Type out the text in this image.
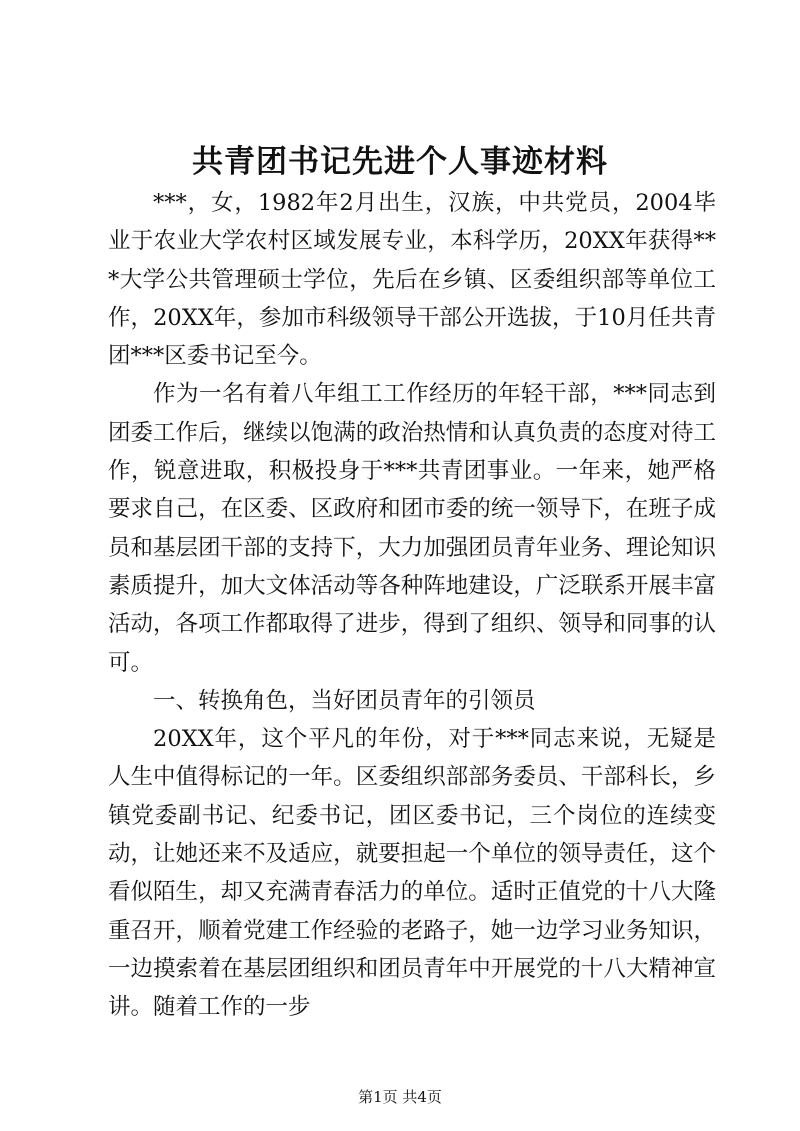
共青团书记先进个人事迹材料

***，女，1982年2月出生，汉族，中共党员，2004毕业于农业大学农村区域发展专业，本科学历，20XX年获得***大学公共管理硕士学位，先后在乡镇、区委组织部等单位工作，20XX年，参加市科级领导干部公开选拔，于10月任共青团***区委书记至今。

作为一名有着八年组工工作经历的年轻干部，***同志到团委工作后，继续以饱满的政治热情和认真负责的态度对待工作，锐意进取，积极投身于***共青团事业。一年来，她严格要求自己，在区委、区政府和团市委的统一领导下，在班子成员和基层团干部的支持下，大力加强团员青年业务、理论知识素质提升，加大文体活动等各种阵地建设，广泛联系开展丰富活动，各项工作都取得了进步，得到了组织、领导和同事的认可。

一、转换角色，当好团员青年的引领员

20XX年，这个平凡的年份，对于***同志来说，无疑是人生中值得标记的一年。区委组织部部务委员、干部科长，乡镇党委副书记、纪委书记，团区委书记，三个岗位的连续变动，让她还来不及适应，就要担起一个单位的领导责任，这个看似陌生，却又充满青春活力的单位。适时正值党的十八大隆重召开，顺着党建工作经验的老路子，她一边学习业务知识，一边摸索着在基层团组织和团员青年中开展党的十八大精神宣讲。随着工作的一步

第1页 共4页
